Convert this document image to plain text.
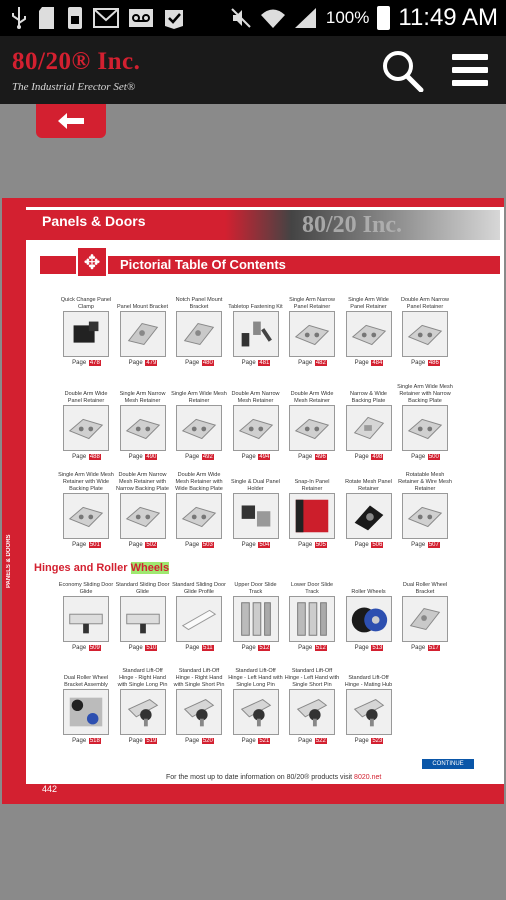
100% 11:49 AM
80/20® Inc.
The Industrial Erector Set®
PANELS & DOORS
Panels & Doors	80/20 Inc.
✥	Pictorial Table Of Contents
Quick Change Panel Clamp
Page 478
Panel Mount Bracket
Page 479
Notch Panel Mount Bracket
Page 480
Tabletop Fastening Kit
Page 481
Single Arm Narrow Panel Retainer
Page 482
Single Arm Wide Panel Retainer
Page 484
Double Arm Narrow Panel Retainer
Page 486
Double Arm Wide Panel Retainer
Page 488
Single Arm Narrow Mesh Retainer
Page 490
Single Arm Wide Mesh Retainer
Page 492
Double Arm Narrow Mesh Retainer
Page 494
Double Arm Wide Mesh Retainer
Page 496
Narrow & Wide Backing Plate
Page 498
Single Arm Wide Mesh Retainer with Narrow Backing Plate
Page 500
Single Arm Wide Mesh Retainer with Wide Backing Plate
Page 501
Double Arm Narrow Mesh Retainer with Narrow Backing Plate
Page 502
Double Arm Wide Mesh Retainer with Wide Backing Plate
Page 503
Single & Dual Panel Holder
Page 504
Snap-In Panel Retainer
Page 505
Rotate Mesh Panel Retainer
Page 506
Rotatable Mesh Retainer & Wire Mesh Retainer
Page 507
Economy Sliding Door Glide
Page 509
Standard Sliding Door Glide
Page 510
Standard Sliding Door Glide Profile
Page 511
Upper Door Slide Track
Page 512
Lower Door Slide Track
Page 512
Roller Wheels
Page 513
Dual Roller Wheel Bracket
Page 517
Dual Roller Wheel Bracket Assembly
Page 518
Standard Lift-Off Hinge - Right Hand with Single Long Pin
Page 519
Standard Lift-Off Hinge - Right Hand with Single Short Pin
Page 520
Standard Lift-Off Hinge - Left Hand with Single Long Pin
Page 521
Standard Lift-Off Hinge - Left Hand with Single Short Pin
Page 522
Standard Lift-Off Hinge - Mating Hub
Page 523
Hinges and Roller Wheels
CONTINUE
For the most up to date information on 80/20® products visit 8020.net
442
